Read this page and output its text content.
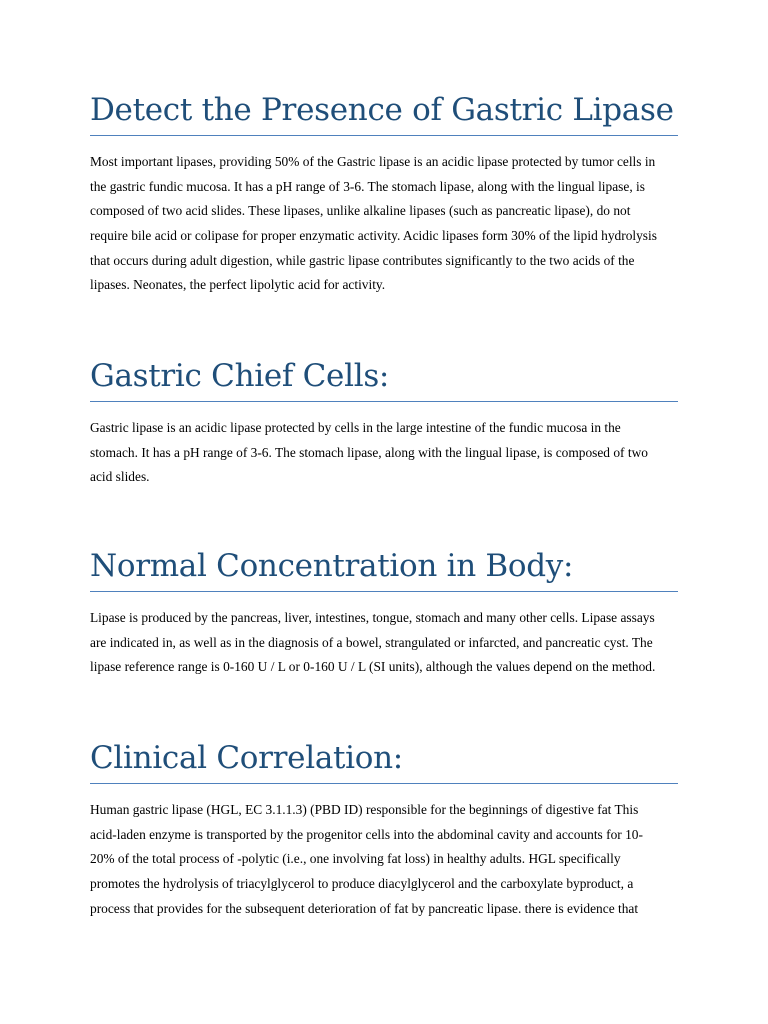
Detect the Presence of Gastric Lipase

Most important lipases, providing 50% of the Gastric lipase is an acidic lipase protected by tumor cells in
the gastric fundic mucosa. It has a pH range of 3-6. The stomach lipase, along with the lingual lipase, is
composed of two acid slides. These lipases, unlike alkaline lipases (such as pancreatic lipase), do not
require bile acid or colipase for proper enzymatic activity. Acidic lipases form 30% of the lipid hydrolysis
that occurs during adult digestion, while gastric lipase contributes significantly to the two acids of the
lipases. Neonates, the perfect lipolytic acid for activity.

Gastric Chief Cells:

Gastric lipase is an acidic lipase protected by cells in the large intestine of the fundic mucosa in the
stomach. It has a pH range of 3-6. The stomach lipase, along with the lingual lipase, is composed of two
acid slides.

Normal Concentration in Body:

Lipase is produced by the pancreas, liver, intestines, tongue, stomach and many other cells. Lipase assays
are indicated in, as well as in the diagnosis of a bowel, strangulated or infarcted, and pancreatic cyst. The
lipase reference range is 0-160 U / L or 0-160 U / L (SI units), although the values depend on the method.

Clinical Correlation:

Human gastric lipase (HGL, EC 3.1.1.3) (PBD ID) responsible for the beginnings of digestive fat This
acid-laden enzyme is transported by the progenitor cells into the abdominal cavity and accounts for 10-
20% of the total process of -polytic (i.e., one involving fat loss) in healthy adults. HGL specifically
promotes the hydrolysis of triacylglycerol to produce diacylglycerol and the carboxylate byproduct, a
process that provides for the subsequent deterioration of fat by pancreatic lipase. there is evidence that
